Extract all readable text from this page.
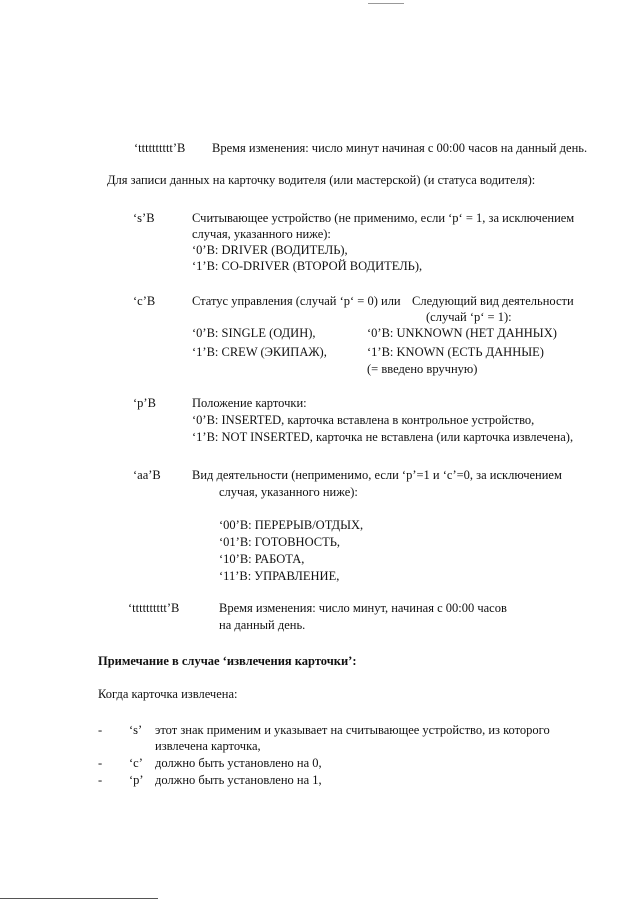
‘tttttttttt’B Время изменения: число минут начиная с 00:00 часов на данный день.
Для записи данных на карточку водителя (или мастерской) (и статуса водителя):
‘s’B	Считывающее устройство (не применимо, если ‘p‘ = 1, за исключением
случая, указанного ниже):
‘0’B: DRIVER (ВОДИТЕЛЬ),
‘1’B: CO-DRIVER (ВТОРОЙ ВОДИТЕЛЬ),
‘c’B	Статус управления (случай ‘p‘ = 0) или Следующий вид деятельности
(случай ‘p‘ = 1):
‘0’B: SINGLE (ОДИН),	‘0’B: UNKNOWN (НЕТ ДАННЫХ)
‘1’B: CREW (ЭКИПАЖ),	‘1’B: KNOWN (ЕСТЬ ДАННЫЕ)
(= введено вручную)
‘p’B	Положение карточки:
‘0’B: INSERTED, карточка вставлена в контрольное устройство,
‘1’B: NOT INSERTED, карточка не вставлена (или карточка извлечена),
‘aa’B Вид деятельности (неприменимо, если ‘p’=1 и ‘c’=0, за исключением
случая, указанного ниже):
‘00’B: ПЕРЕРЫВ/ОТДЫХ,
‘01’B: ГОТОВНОСТЬ,
‘10’B: РАБОТА,
‘11’B: УПРАВЛЕНИЕ,
‘tttttttttt’B	Время изменения: число минут, начиная с 00:00 часов
на данный день.
Примечание в случае ‘извлечения карточки’:
Когда карточка извлечена:
- ‘s’ этот знак применим и указывает на считывающее устройство, из которого
извлечена карточка,
- ‘c’ должно быть установлено на 0,
- ‘p’ должно быть установлено на 1,
